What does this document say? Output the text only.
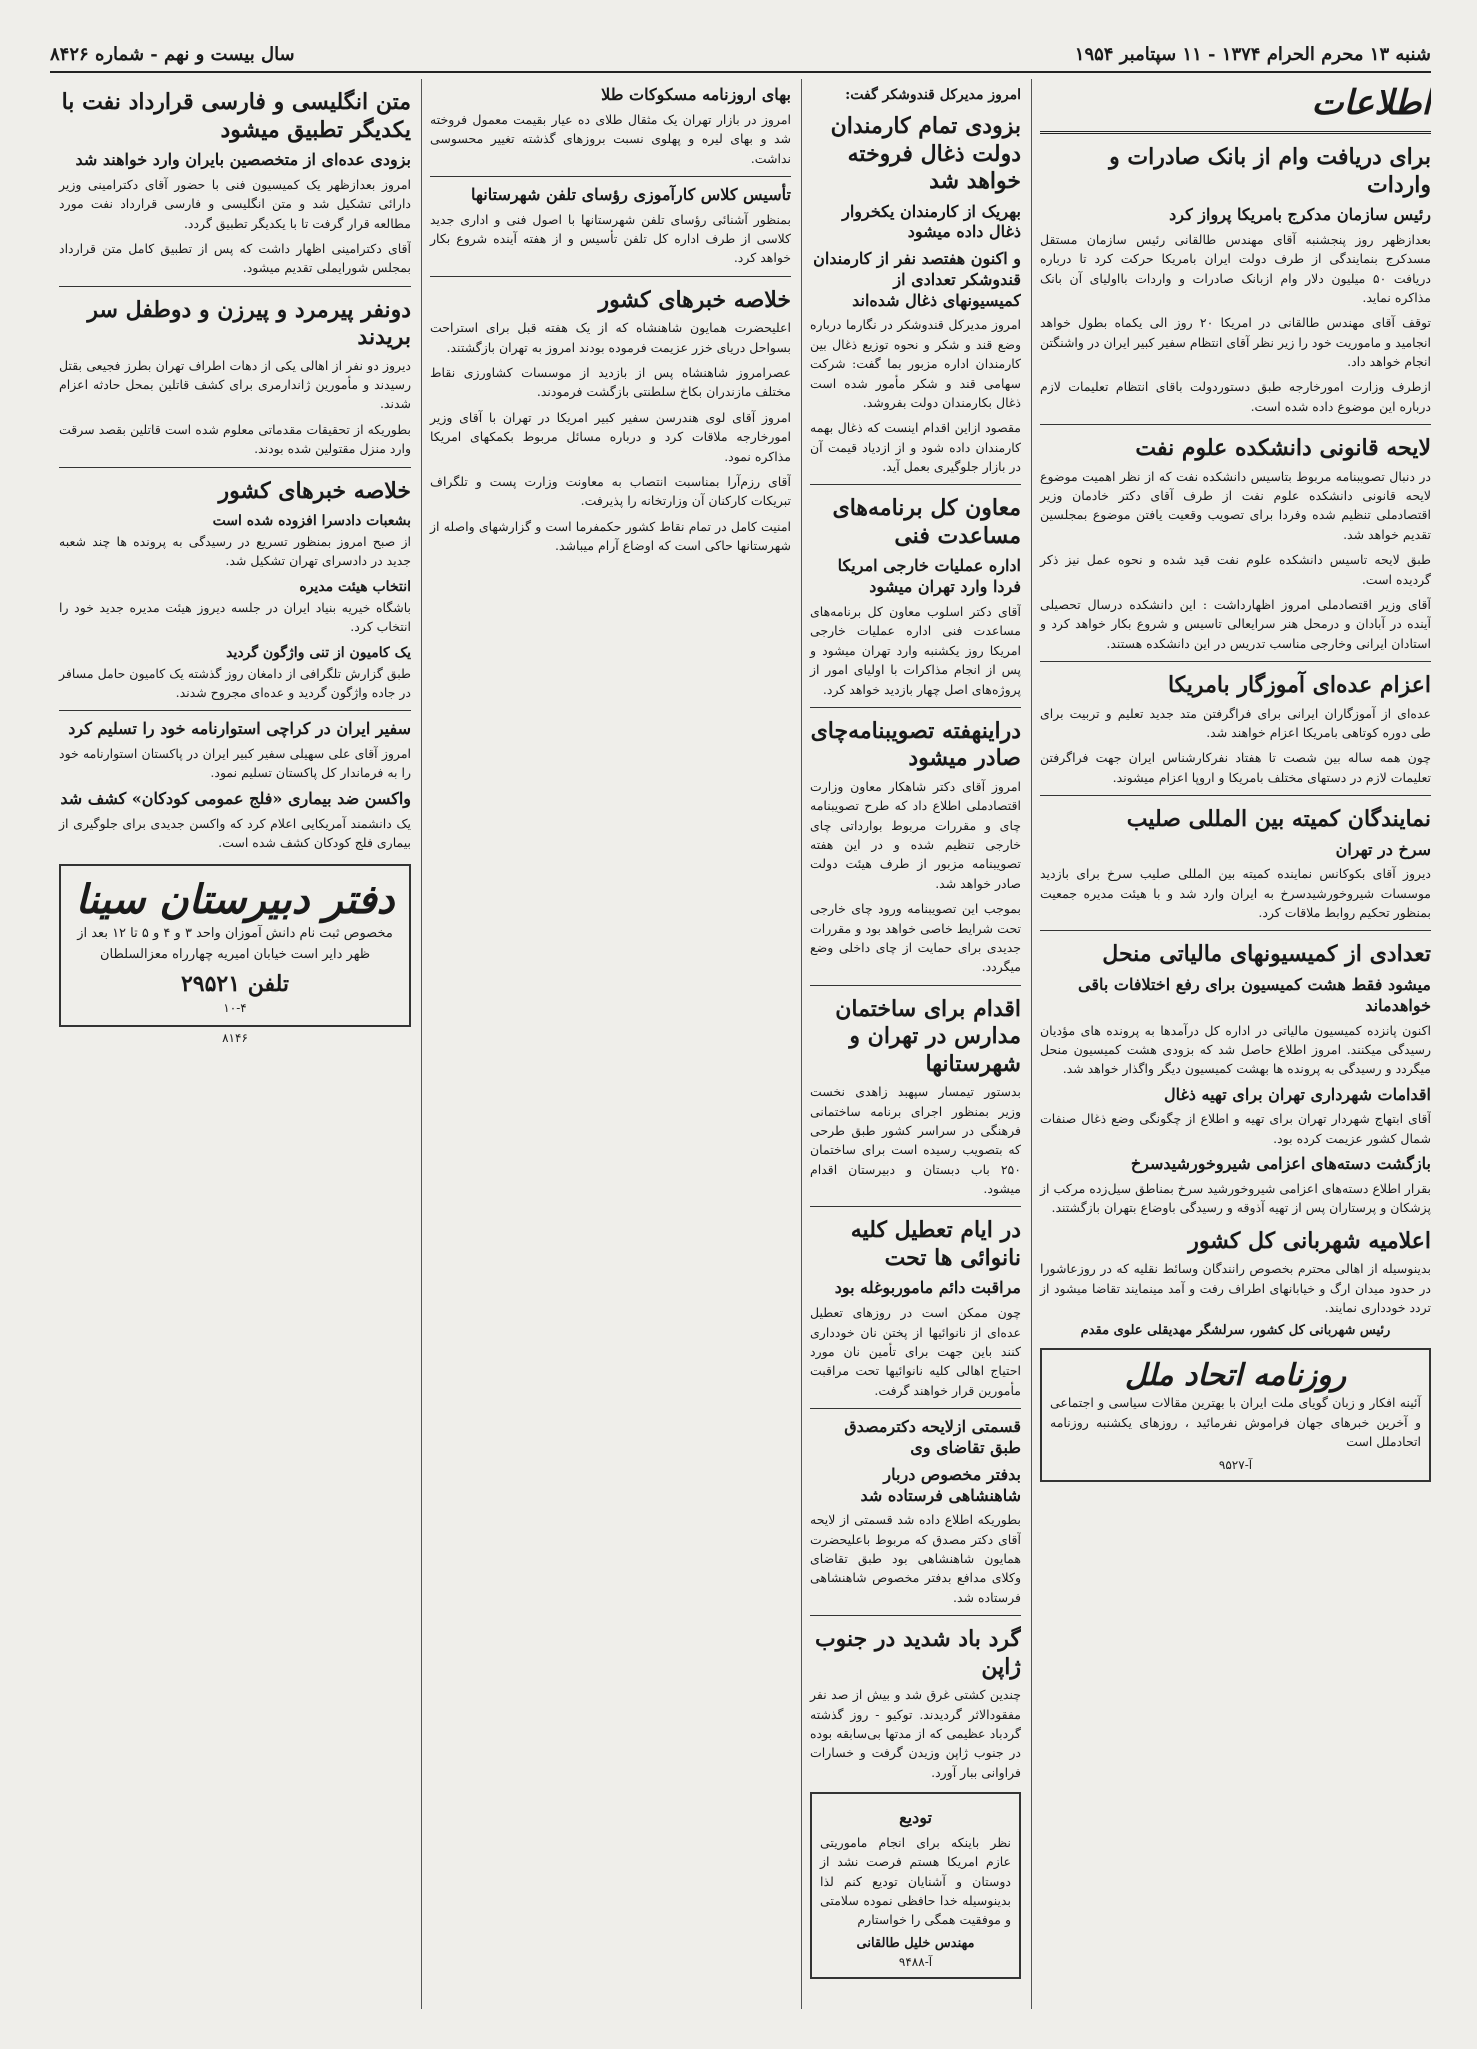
شنبه ۱۳ محرم الحرام ۱۳۷۴ - ۱۱ سپتامبر ۱۹۵۴
سال بیست و نهم - شماره ۸۴۲۶
اطلاعات
برای دریافت وام از بانک صادرات و واردات
رئیس سازمان مدکرج بامریکا پرواز کرد

بعدازظهر روز پنجشنبه آقای مهندس طالقانی رئیس سازمان مستقل مسدکرج بنمایندگی از طرف دولت ایران بامریکا حرکت کرد تا درباره دریافت ۵۰ میلیون دلار وام ازبانک صادرات و واردات بااولیای آن بانک مذاکره نماید.

توقف آقای مهندس طالقانی در امریکا ۲۰ روز الی یکماه بطول خواهد انجامید و ماموریت خود را زیر نظر آقای انتظام سفیر کبیر ایران در واشنگتن انجام خواهد داد.

ازطرف وزارت امورخارجه طبق دستوردولت باقای انتظام تعلیمات لازم درباره این موضوع داده شده است.

لایحه قانونی دانشکده علوم نفت

در دنبال تصویبنامه مربوط بتاسیس دانشکده نفت که از نظر اهمیت موضوع لایحه قانونی دانشکده علوم نفت از طرف آقای دکتر خادمان وزیر اقتصادملی تنظیم شده وفردا برای تصویب وقعیت یافتن موضوع بمجلسین تقدیم خواهد شد.

طبق لایحه تاسیس دانشکده علوم نفت قید شده و نحوه عمل نیز ذکر گردیده است.

آقای وزیر اقتصادملی امروز اظهارداشت : این دانشکده درسال تحصیلی آینده در آبادان و درمحل هنر سرایعالی تاسیس و شروع بکار خواهد کرد و استادان ایرانی وخارجی مناسب تدریس در این دانشکده هستند.

اعزام عده‌ای آموزگار بامریکا

عده‌ای از آموزگاران ایرانی برای فراگرفتن متد جدید تعلیم و تربیت برای طی دوره کوتاهی بامریکا اعزام خواهند شد.

چون همه ساله بین شصت تا هفتاد نفرکارشناس ایران جهت فراگرفتن تعلیمات لازم در دستهای مختلف بامریکا و اروپا اعزام میشوند.

نمایندگان کمیته بین المللی صلیب
سرخ در تهران

دیروز آقای بکوکانس نماینده کمیته بین المللی صلیب سرخ برای بازدید موسسات شیروخورشیدسرخ به ایران وارد شد و با هیئت مدیره جمعیت بمنظور تحکیم روابط ملاقات کرد.

تعدادی از کمیسیونهای مالیاتی منحل
میشود فقط هشت کمیسیون برای رفع اختلافات باقی خواهدماند

اکنون پانزده کمیسیون مالیاتی در اداره کل درآمدها به پرونده های مؤدیان رسیدگی میکنند. امروز اطلاع حاصل شد که بزودی هشت کمیسیون منحل میگردد و رسیدگی به پرونده ها بهشت کمیسیون دیگر واگذار خواهد شد.

اقدامات شهرداری تهران برای تهیه ذغال

آقای ابتهاج شهردار تهران برای تهیه و اطلاع از چگونگی وضع ذغال صنفات شمال کشور عزیمت کرده بود.

بازگشت دسته‌های اعزامی شیروخورشیدسرخ

بقرار اطلاع دسته‌های اعزامی شیروخورشید سرخ بمناطق سیل‌زده مرکب از پزشکان و پرستاران پس از تهیه آذوقه و رسیدگی باوضاع بتهران بازگشتند.

اعلامیه شهربانی کل کشور

بدینوسیله از اهالی محترم بخصوص رانندگان وسائط نقلیه که در روزعاشورا در حدود میدان ارگ و خیابانهای اطراف رفت و آمد مینمایند تقاضا میشود از تردد خودداری نمایند.

رئیس شهربانی کل کشور، سرلشگر مهدیقلی علوی مقدم
روزنامه اتحاد ملل

آئینه افکار و زبان گویای ملت ایران با بهترین مقالات سیاسی و اجتماعی و آخرین خبرهای جهان فراموش نفرمائید ، روزهای یکشنبه روزنامه اتحادملل است

آ-۹۵۲۷
امروز مدیرکل قندوشکر گفت:
بزودی تمام کارمندان دولت ذغال فروخته خواهد شد
بهریک از کارمندان یکخروار ذغال داده میشود
و اکنون هفتصد نفر از کارمندان قندوشکر تعدادی از کمیسیونهای ذغال شده‌اند

امروز مدیرکل قندوشکر در نگارما درباره وضع قند و شکر و نحوه توزیع ذغال بین کارمندان اداره مزبور بما گفت: شرکت سهامی قند و شکر مأمور شده است ذغال بکارمندان دولت بفروشد.

مقصود ازاین اقدام اینست که ذغال بهمه کارمندان داده شود و از ازدیاد قیمت آن در بازار جلوگیری بعمل آید.

معاون کل برنامه‌های مساعدت فنی
اداره عملیات خارجی امریکا فردا وارد تهران میشود

آقای دکتر اسلوب معاون کل برنامه‌های مساعدت فنی اداره عملیات خارجی امریکا روز یکشنبه وارد تهران میشود و پس از انجام مذاکرات با اولیای امور از پروژه‌های اصل چهار بازدید خواهد کرد.

دراینهفته تصویبنامه‌چای صادر میشود

امروز آقای دکتر شاهکار معاون وزارت اقتصادملی اطلاع داد که طرح تصویبنامه چای و مقررات مربوط بوارداتی چای خارجی تنظیم شده و در این هفته تصویبنامه مزبور از طرف هیئت دولت صادر خواهد شد.

بموجب این تصویبنامه ورود چای خارجی تحت شرایط خاصی خواهد بود و مقررات جدیدی برای حمایت از چای داخلی وضع میگردد.

اقدام برای ساختمان مدارس در تهران و شهرستانها

بدستور تیمسار سپهبد زاهدی نخست وزیر بمنظور اجرای برنامه ساختمانی فرهنگی در سراسر کشور طبق طرحی که بتصویب رسیده است برای ساختمان ۲۵۰ باب دبستان و دبیرستان اقدام میشود.

در ایام تعطیل کلیه نانوائی ها تحت
مراقبت دائم ماموربوغله بود

چون ممکن است در روزهای تعطیل عده‌ای از نانوائیها از پختن نان خودداری کنند باین جهت برای تأمین نان مورد احتیاج اهالی کلیه نانوائیها تحت مراقبت مأمورین قرار خواهند گرفت.

قسمتی ازلایحه دکترمصدق طبق تقاضای وی
بدفتر مخصوص دربار شاهنشاهی فرستاده شد

بطوریکه اطلاع داده شد قسمتی از لایحه آقای دکتر مصدق که مربوط باعلیحضرت همایون شاهنشاهی بود طبق تقاضای وکلای مدافع بدفتر مخصوص شاهنشاهی فرستاده شد.

گرد باد شدید در جنوب ژاپن

چندین کشتی غرق شد و بیش از صد نفر مفقودالاثر گردیدند. توکیو - روز گذشته گردباد عظیمی که از مدتها بی‌سابقه بوده در جنوب ژاپن وزیدن گرفت و خسارات فراوانی ببار آورد.

تودیع

نظر باینکه برای انجام ماموریتی عازم امریکا هستم فرصت نشد از دوستان و آشنایان تودیع کنم لذا بدینوسیله خدا حافظی نموده سلامتی و موفقیت همگی را خواستارم

مهندس خلیل طالقانی
آ-۹۴۸۸
بهای اروزنامه مسکوکات طلا

امروز در بازار تهران یک مثقال طلای ده عیار بقیمت معمول فروخته شد و بهای لیره و پهلوی نسبت بروزهای گذشته تغییر محسوسی نداشت.

تأسیس کلاس کارآموزی رؤسای تلفن شهرستانها

بمنظور آشنائی رؤسای تلفن شهرستانها با اصول فنی و اداری جدید کلاسی از طرف اداره کل تلفن تأسیس و از هفته آینده شروع بکار خواهد کرد.

خلاصه خبرهای کشور

اعلیحضرت همایون شاهنشاه که از یک هفته قبل برای استراحت بسواحل دریای خزر عزیمت فرموده بودند امروز به تهران بازگشتند.

عصرامروز شاهنشاه پس از بازدید از موسسات کشاورزی نقاط مختلف مازندران بکاخ سلطنتی بازگشت فرمودند.

امروز آقای لوی هندرسن سفیر کبیر امریکا در تهران با آقای وزیر امورخارجه ملاقات کرد و درباره مسائل مربوط بکمکهای امریکا مذاکره نمود.

آقای رزم‌آرا بمناسبت انتصاب به معاونت وزارت پست و تلگراف تبریکات کارکنان آن وزارتخانه را پذیرفت.

امنیت کامل در تمام نقاط کشور حکمفرما است و گزارشهای واصله از شهرستانها حاکی است که اوضاع آرام میباشد.

متن انگلیسی و فارسی قرارداد نفت با یکدیگر تطبیق میشود
بزودی عده‌ای از متخصصین بایران وارد خواهند شد

امروز بعدازظهر یک کمیسیون فنی با حضور آقای دکترامینی وزیر دارائی تشکیل شد و متن انگلیسی و فارسی قرارداد نفت مورد مطالعه قرار گرفت تا با یکدیگر تطبیق گردد.

آقای دکترامینی اظهار داشت که پس از تطبیق کامل متن قرارداد بمجلس شورایملی تقدیم میشود.

دونفر پیرمرد و پیرزن و دوطفل سر بریدند

دیروز دو نفر از اهالی یکی از دهات اطراف تهران بطرز فجیعی بقتل رسیدند و مأمورین ژاندارمری برای کشف قاتلین بمحل حادثه اعزام شدند.

بطوریکه از تحقیقات مقدماتی معلوم شده است قاتلین بقصد سرقت وارد منزل مقتولین شده بودند.

خلاصه خبرهای کشور
بشعبات دادسرا افزوده شده است

از صبح امروز بمنظور تسریع در رسیدگی به پرونده ها چند شعبه جدید در دادسرای تهران تشکیل شد.

انتخاب هیئت مدیره

باشگاه خیریه بنیاد ایران در جلسه دیروز هیئت مدیره جدید خود را انتخاب کرد.

یک کامیون از تنی واژگون گردید

طبق گزارش تلگرافی از دامغان روز گذشته یک کامیون حامل مسافر در جاده واژگون گردید و عده‌ای مجروح شدند.

سفیر ایران در کراچی استوارنامه خود را تسلیم کرد

امروز آقای علی سهیلی سفیر کبیر ایران در پاکستان استوارنامه خود را به فرماندار کل پاکستان تسلیم نمود.

واکسن ضد بیماری «فلج عمومی کودکان» کشف شد

یک دانشمند آمریکایی اعلام کرد که واکسن جدیدی برای جلوگیری از بیماری فلج کودکان کشف شده است.

دفتر دبیرستان سینا

مخصوص ثبت نام دانش آموزان واحد ۳ و ۴ و ۵ تا ۱۲ بعد از ظهر دایر است خیابان امیریه چهارراه معزالسلطان

تلفن ۲۹۵۲۱
۱۰-۴
۸۱۴۶
